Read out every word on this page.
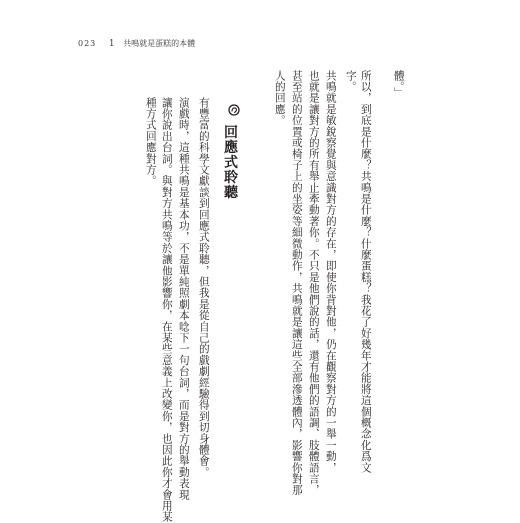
023 1 共鳴就是蛋糕的本體
體。」
所以，到底是什麼？共鳴是什麼？什麼蛋糕？我花了好幾年才能將這個概念化爲文
字。
共鳴就是敏銳察覺與意識對方的存在，即使你背對他，仍在觀察對方的一舉一動，
也就是讓對方的所有舉止牽動著你。不只是他們說的話，還有他們的語調、肢體語言，
甚至站的位置或椅子上的坐姿等細微動作，共鳴就是讓這些全部滲透體內，影響你對那
人的回應。
回應式聆聽
有豐富的科學文獻談到回應式聆聽，但我是從自己的戲劇經驗得到切身體會。
演戲時，這種共鳴是基本功，不是單純照劇本唸下一句台詞，而是對方的舉動表現
讓你說出台詞。與對方共鳴等於讓他影響你，在某些意義上改變你，也因此你才會用某
種方式回應對方。
